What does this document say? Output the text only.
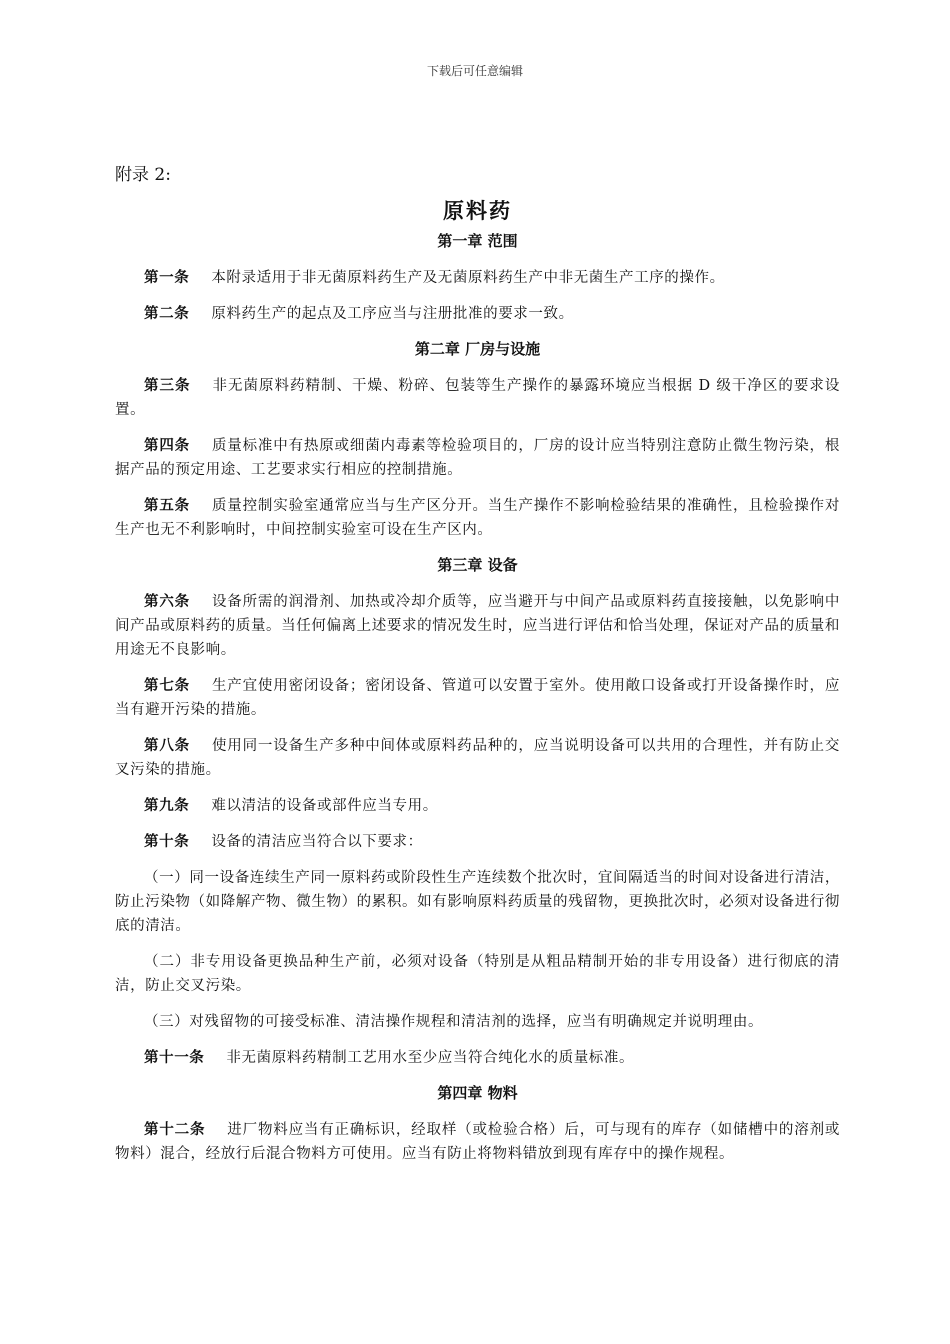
下载后可任意编辑
附录 2:
原料药
第一章 范围

第一条 本附录适用于非无菌原料药生产及无菌原料药生产中非无菌生产工序的操作。

第二条 原料药生产的起点及工序应当与注册批准的要求一致。

第二章 厂房与设施

第三条 非无菌原料药精制、干燥、粉碎、包装等生产操作的暴露环境应当根据 D 级干净区的要求设置。

第四条 质量标准中有热原或细菌内毒素等检验项目的，厂房的设计应当特别注意防止微生物污染，根据产品的预定用途、工艺要求实行相应的控制措施。

第五条 质量控制实验室通常应当与生产区分开。当生产操作不影响检验结果的准确性，且检验操作对生产也无不利影响时，中间控制实验室可设在生产区内。

第三章 设备

第六条 设备所需的润滑剂、加热或冷却介质等，应当避开与中间产品或原料药直接接触，以免影响中间产品或原料药的质量。当任何偏离上述要求的情况发生时，应当进行评估和恰当处理，保证对产品的质量和用途无不良影响。

第七条 生产宜使用密闭设备；密闭设备、管道可以安置于室外。使用敞口设备或打开设备操作时，应当有避开污染的措施。

第八条 使用同一设备生产多种中间体或原料药品种的，应当说明设备可以共用的合理性，并有防止交叉污染的措施。

第九条 难以清洁的设备或部件应当专用。

第十条 设备的清洁应当符合以下要求：

（一）同一设备连续生产同一原料药或阶段性生产连续数个批次时，宜间隔适当的时间对设备进行清洁，防止污染物（如降解产物、微生物）的累积。如有影响原料药质量的残留物，更换批次时，必须对设备进行彻底的清洁。

（二）非专用设备更换品种生产前，必须对设备（特别是从粗品精制开始的非专用设备）进行彻底的清洁，防止交叉污染。

（三）对残留物的可接受标准、清洁操作规程和清洁剂的选择，应当有明确规定并说明理由。

第十一条 非无菌原料药精制工艺用水至少应当符合纯化水的质量标准。

第四章 物料

第十二条 进厂物料应当有正确标识，经取样（或检验合格）后，可与现有的库存（如储槽中的溶剂或物料）混合，经放行后混合物料方可使用。应当有防止将物料错放到现有库存中的操作规程。
